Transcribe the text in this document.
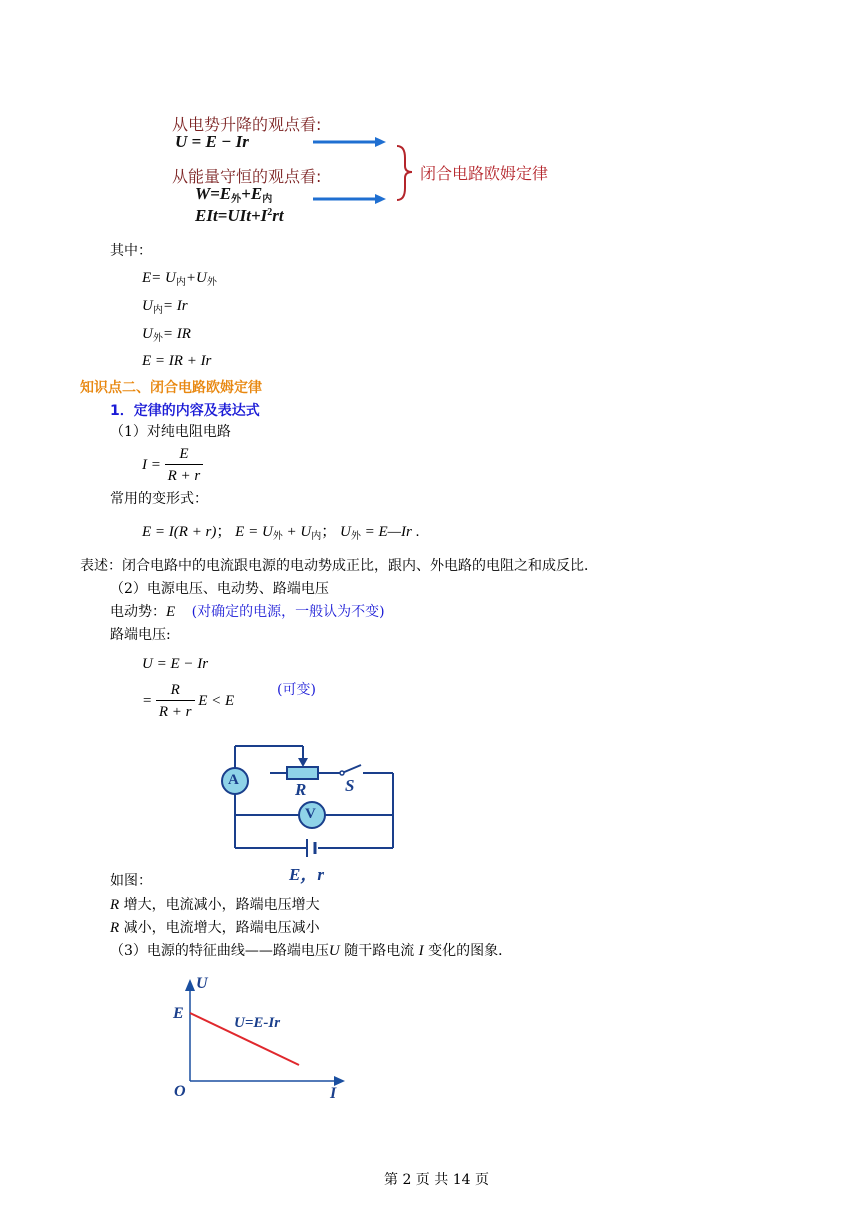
从电势升降的观点看:
U = E − Ir
从能量守恒的观点看:
$W=E_外+E_内$
$EIt=UIt+I^2rt$
闭合电路欧姆定律
其中：
$E= U_内+U_外$
$U_内= Ir$
$U_外=$ IR
E = IR + Ir
知识点二、闭合电路欧姆定律
1．定律的内容及表达式
（1）对纯电阻电路
$I = \frac{E}{R + r}$
常用的变形式：
E = I(R + r)； $E = U_外 + U_内$； $U_外$ = E—Ir .
表述：闭合电路中的电流跟电源的电动势成正比，跟内、外电路的电阻之和成反比．
（2）电源电压、电动势、路端电压
电动势：E (对确定的电源，一般认为不变)
路端电压:
U = E − Ir
= $\frac{R}{R + r}$ E < E
(可变)
A
V
R S
E，r
如图：
R 增大，电流减小，路端电压增大
R 减小，电流增大，路端电压减小
（3）电源的特征曲线——路端电压U 随干路电流 I 变化的图象．
U
I
O
E
U=E-Ir
第 2 页 共 14 页
